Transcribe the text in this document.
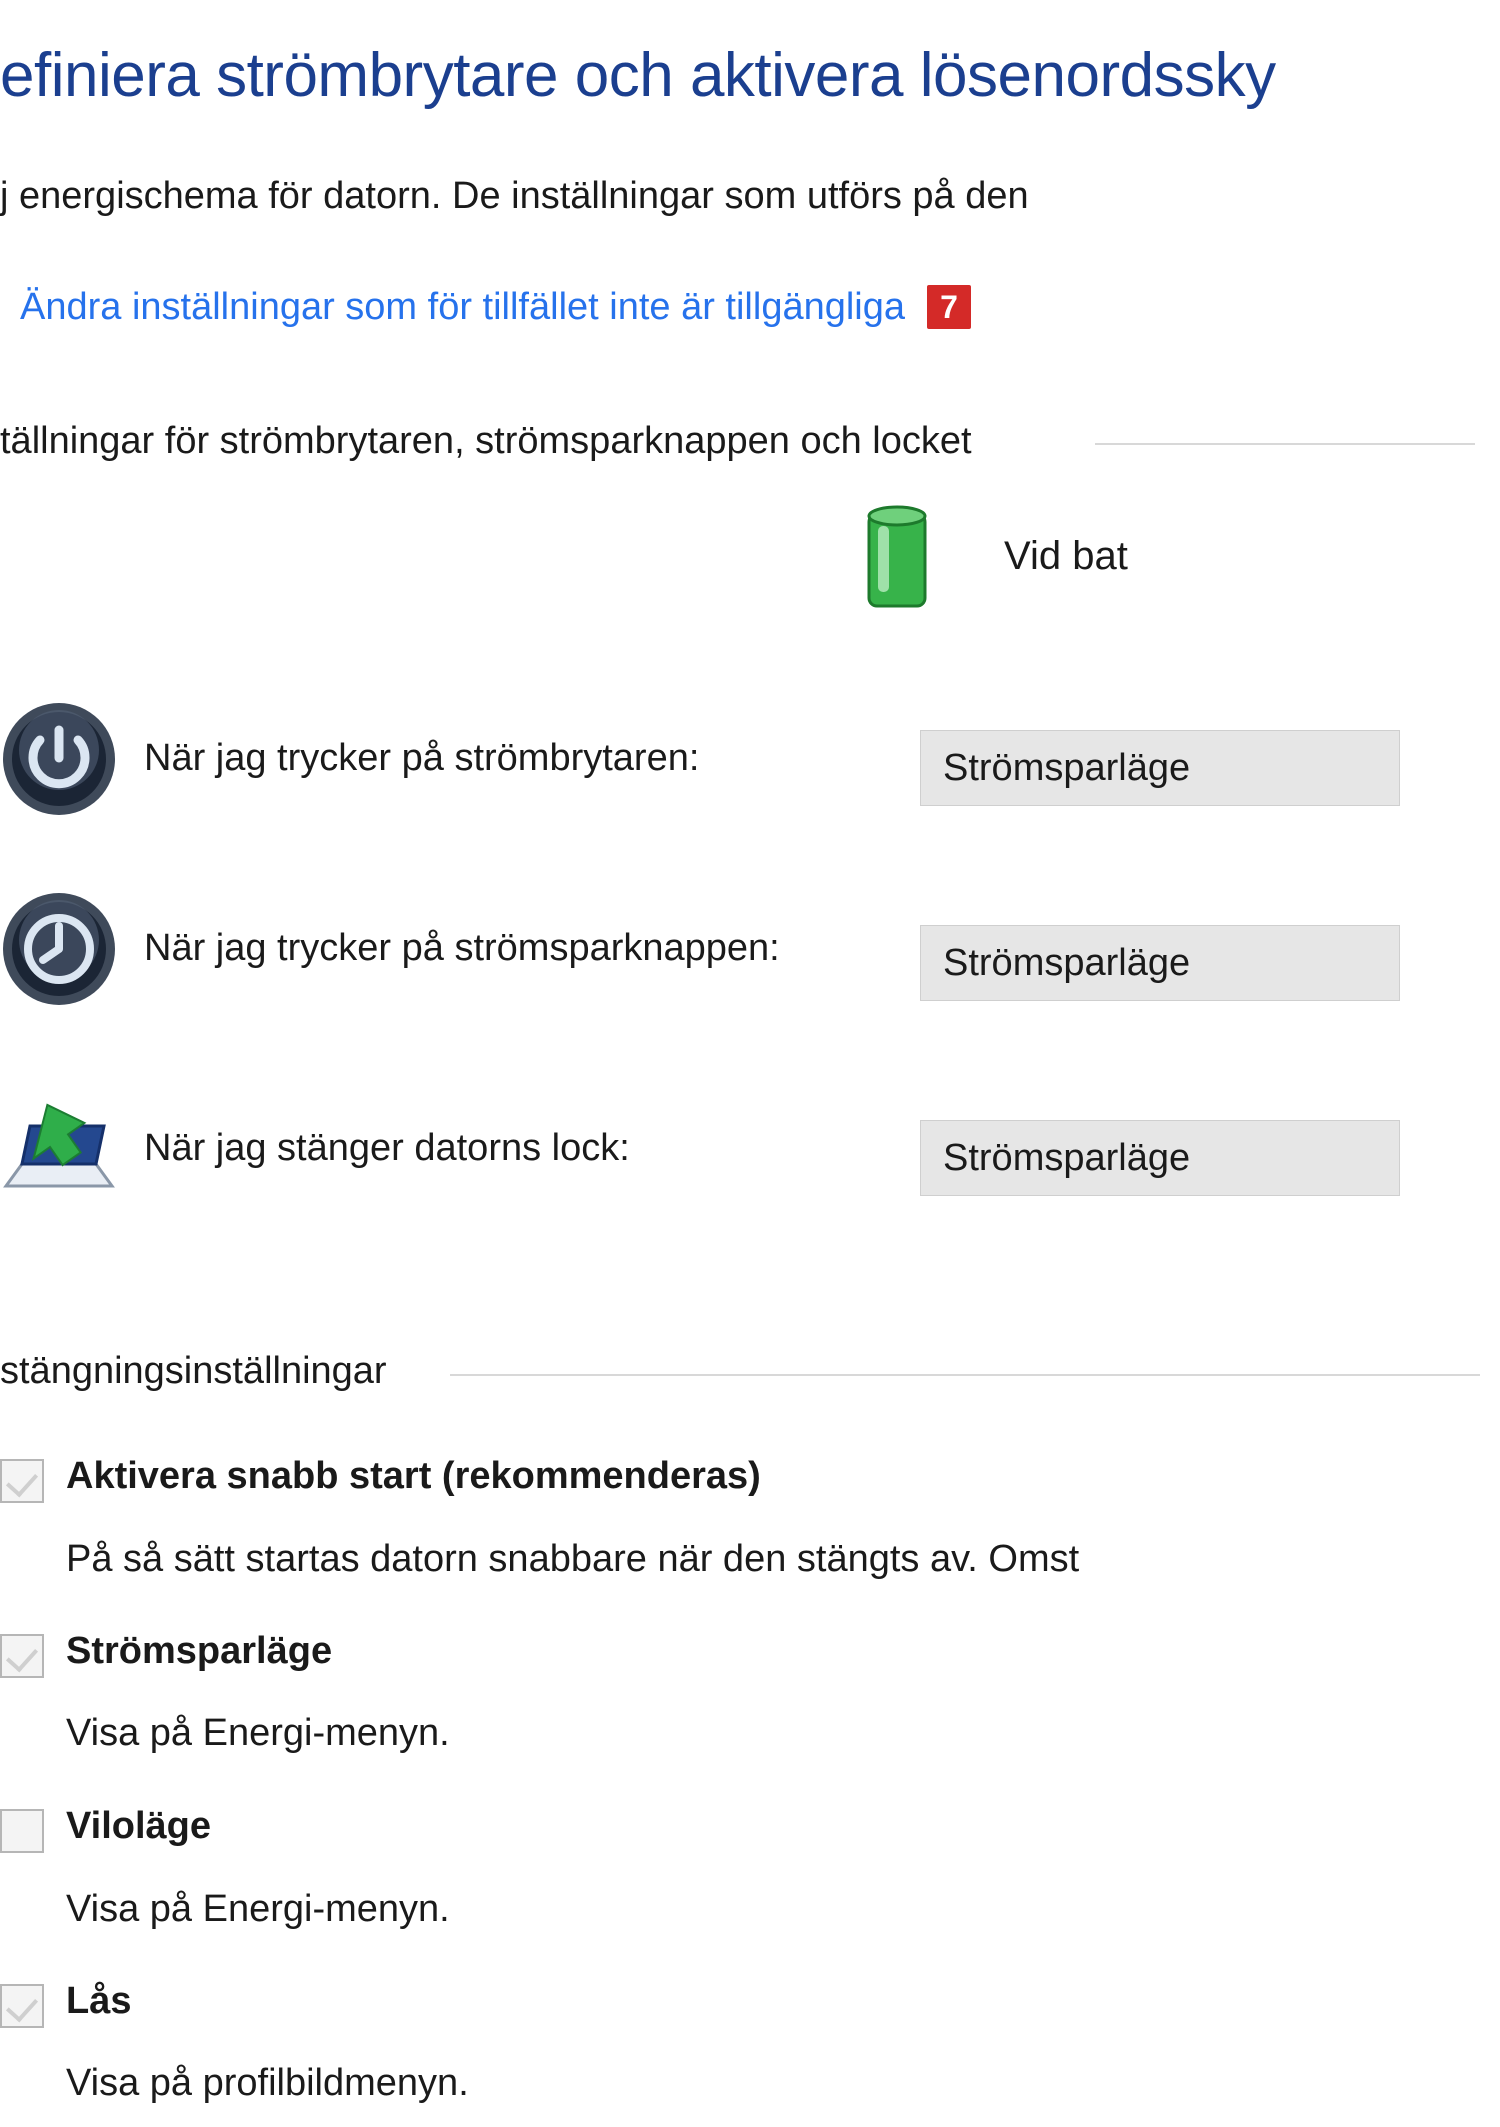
efiniera strömbrytare och aktivera lösenordssky
j energischema för datorn. De inställningar som utförs på den
Ändra inställningar som för tillfället inte är tillgängliga	7
tällningar för strömbrytaren, strömsparknappen och locket
Vid bat
När jag trycker på strömbrytaren:	Strömsparläge
När jag trycker på strömsparknappen:	Strömsparläge
När jag stänger datorns lock:	Strömsparläge
stängningsinställningar
Aktivera snabb start (rekommenderas)
På så sätt startas datorn snabbare när den stängts av. Omst
Strömsparläge
Visa på Energi-menyn.
Viloläge
Visa på Energi-menyn.
Lås
Visa på profilbildmenyn.
